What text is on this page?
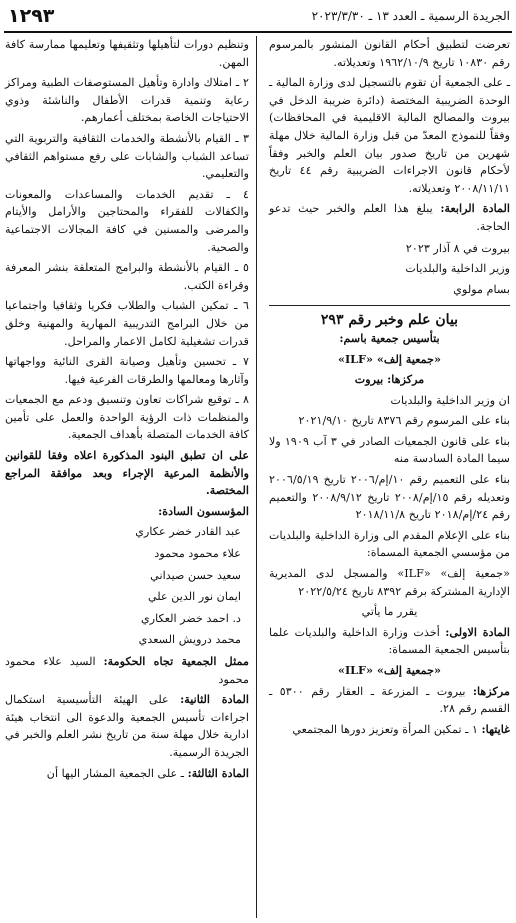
الجريدة الرسمية ـ العدد ١٣ ـ ٢٠٢٣/٣/٣٠
١٢٩٣

تعرضت لتطبيق أحكام القانون المنشور بالمرسوم رقم ١٠٨٣٠ تاريخ ١٩٦٢/١٠/٩ وتعديلاته.

ـ على الجمعية أن تقوم بالتسجيل لدى وزارة المالية ـ الوحدة الضريبية المختصة (دائرة ضريبة الدخل في بيروت والمصالح المالية الاقليمية في المحافظات) وفقاً للنموذج المعدّ من قبل وزارة المالية خلال مهلة شهرين من تاريخ صدور بيان العلم والخبر وفقاً لأحكام قانون الاجراءات الضريبية رقم ٤٤ تاريخ ٢٠٠٨/١١/١١ وتعديلاته.

المادة الرابعة: يبلغ هذا العلم والخبر حيث تدعو الحاجة.

بيروت في ٨ آذار ٢٠٢٣

وزير الداخلية والبلديات

بسام مولوي

بيان علم وخبر رقم ٢٩٣

بتأسيس جمعية باسم:

«جمعية إلف» «ILF»

مركزها: بيروت

ان وزير الداخلية والبلديات

بناء على المرسوم رقم ٨٣٧٦ تاريخ ٢٠٢١/٩/١٠

بناء على قانون الجمعيات الصادر في ٣ آب ١٩٠٩ ولا سيما المادة السادسة منه

بناء على التعميم رقم ١٠/إم/٢٠٠٦ تاريخ ٢٠٠٦/٥/١٩ وتعديله رقم ١٥/إم/٢٠٠٨ تاريخ ٢٠٠٨/٩/١٢ والتعميم رقم ٢٤/إم/٢٠١٨ تاريخ ٢٠١٨/١١/٨

بناء على الإعلام المقدم الى وزارة الداخلية والبلديات من مؤسسي الجمعية المسماة:

«جمعية إلف» «ILF» والمسجل لدى المديرية الإدارية المشتركة برقم ٨٣٩٢ تاريخ ٢٠٢٢/٥/٢٤

يقرر ما يأتي

المادة الاولى: أخذت وزارة الداخلية والبلديات علما بتأسيس الجمعية المسماة:

«جمعية إلف» «ILF»

مركزها: بيروت ـ المزرعة ـ العقار رقم ٥٣٠٠ ـ القسم رقم ٢٨.

غايتها: ١ ـ تمكين المرأة وتعزيز دورها المجتمعي

وتنظيم دورات لتأهيلها وتثقيفها وتعليمها ممارسة كافة المهن.

٢ ـ امتلاك وادارة وتأهيل المستوصفات الطبية ومراكز رعاية وتنمية قدرات الأطفال والناشئة وذوي الاحتياجات الخاصة بمختلف أعمارهم.

٣ ـ القيام بالأنشطة والخدمات الثقافية والتربوية التي تساعد الشباب والشابات على رفع مستواهم الثقافي والتعليمي.

٤ ـ تقديم الخدمات والمساعدات والمعونات والكفالات للفقراء والمحتاجين والأرامل والأيتام والمرضى والمسنين في كافة المجالات الاجتماعية والصحية.

٥ ـ القيام بالأنشطة والبرامج المتعلقة بنشر المعرفة وقراءة الكتب.

٦ ـ تمكين الشباب والطلاب فكريا وثقافيا واجتماعيا من خلال البرامج التدريبية المهارية والمهنية وخلق قدرات تشغيلية لكامل الاعمار والمراحل.

٧ ـ تحسين وتأهيل وصيانة القرى النائية وواجهاتها وآثارها ومعالمها والطرقات الفرعية فيها.

٨ ـ توقيع شراكات تعاون وتنسيق ودعم مع الجمعيات والمنظمات ذات الرؤية الواحدة والعمل على تأمين كافة الخدمات المتصلة بأهداف الجمعية.

على ان تطبق البنود المذكورة اعلاه وفقا للقوانين والأنظمة المرعية الإجراء وبعد موافقة المراجع المختصة.

المؤسسون السادة:

عبد القادر خضر عكاري

علاء محمود محمود

سعيد حسن صيداني

ايمان نور الدين علي

د. احمد خضر العكاري

محمد درويش السعدي

ممثل الجمعية تجاه الحكومة: السيد علاء محمود محمود

المادة الثانية: على الهيئة التأسيسية استكمال اجراءات تأسيس الجمعية والدعوة الى انتخاب هيئة ادارية خلال مهلة سنة من تاريخ نشر العلم والخبر في الجريدة الرسمية.

المادة الثالثة: ـ على الجمعية المشار اليها أن
